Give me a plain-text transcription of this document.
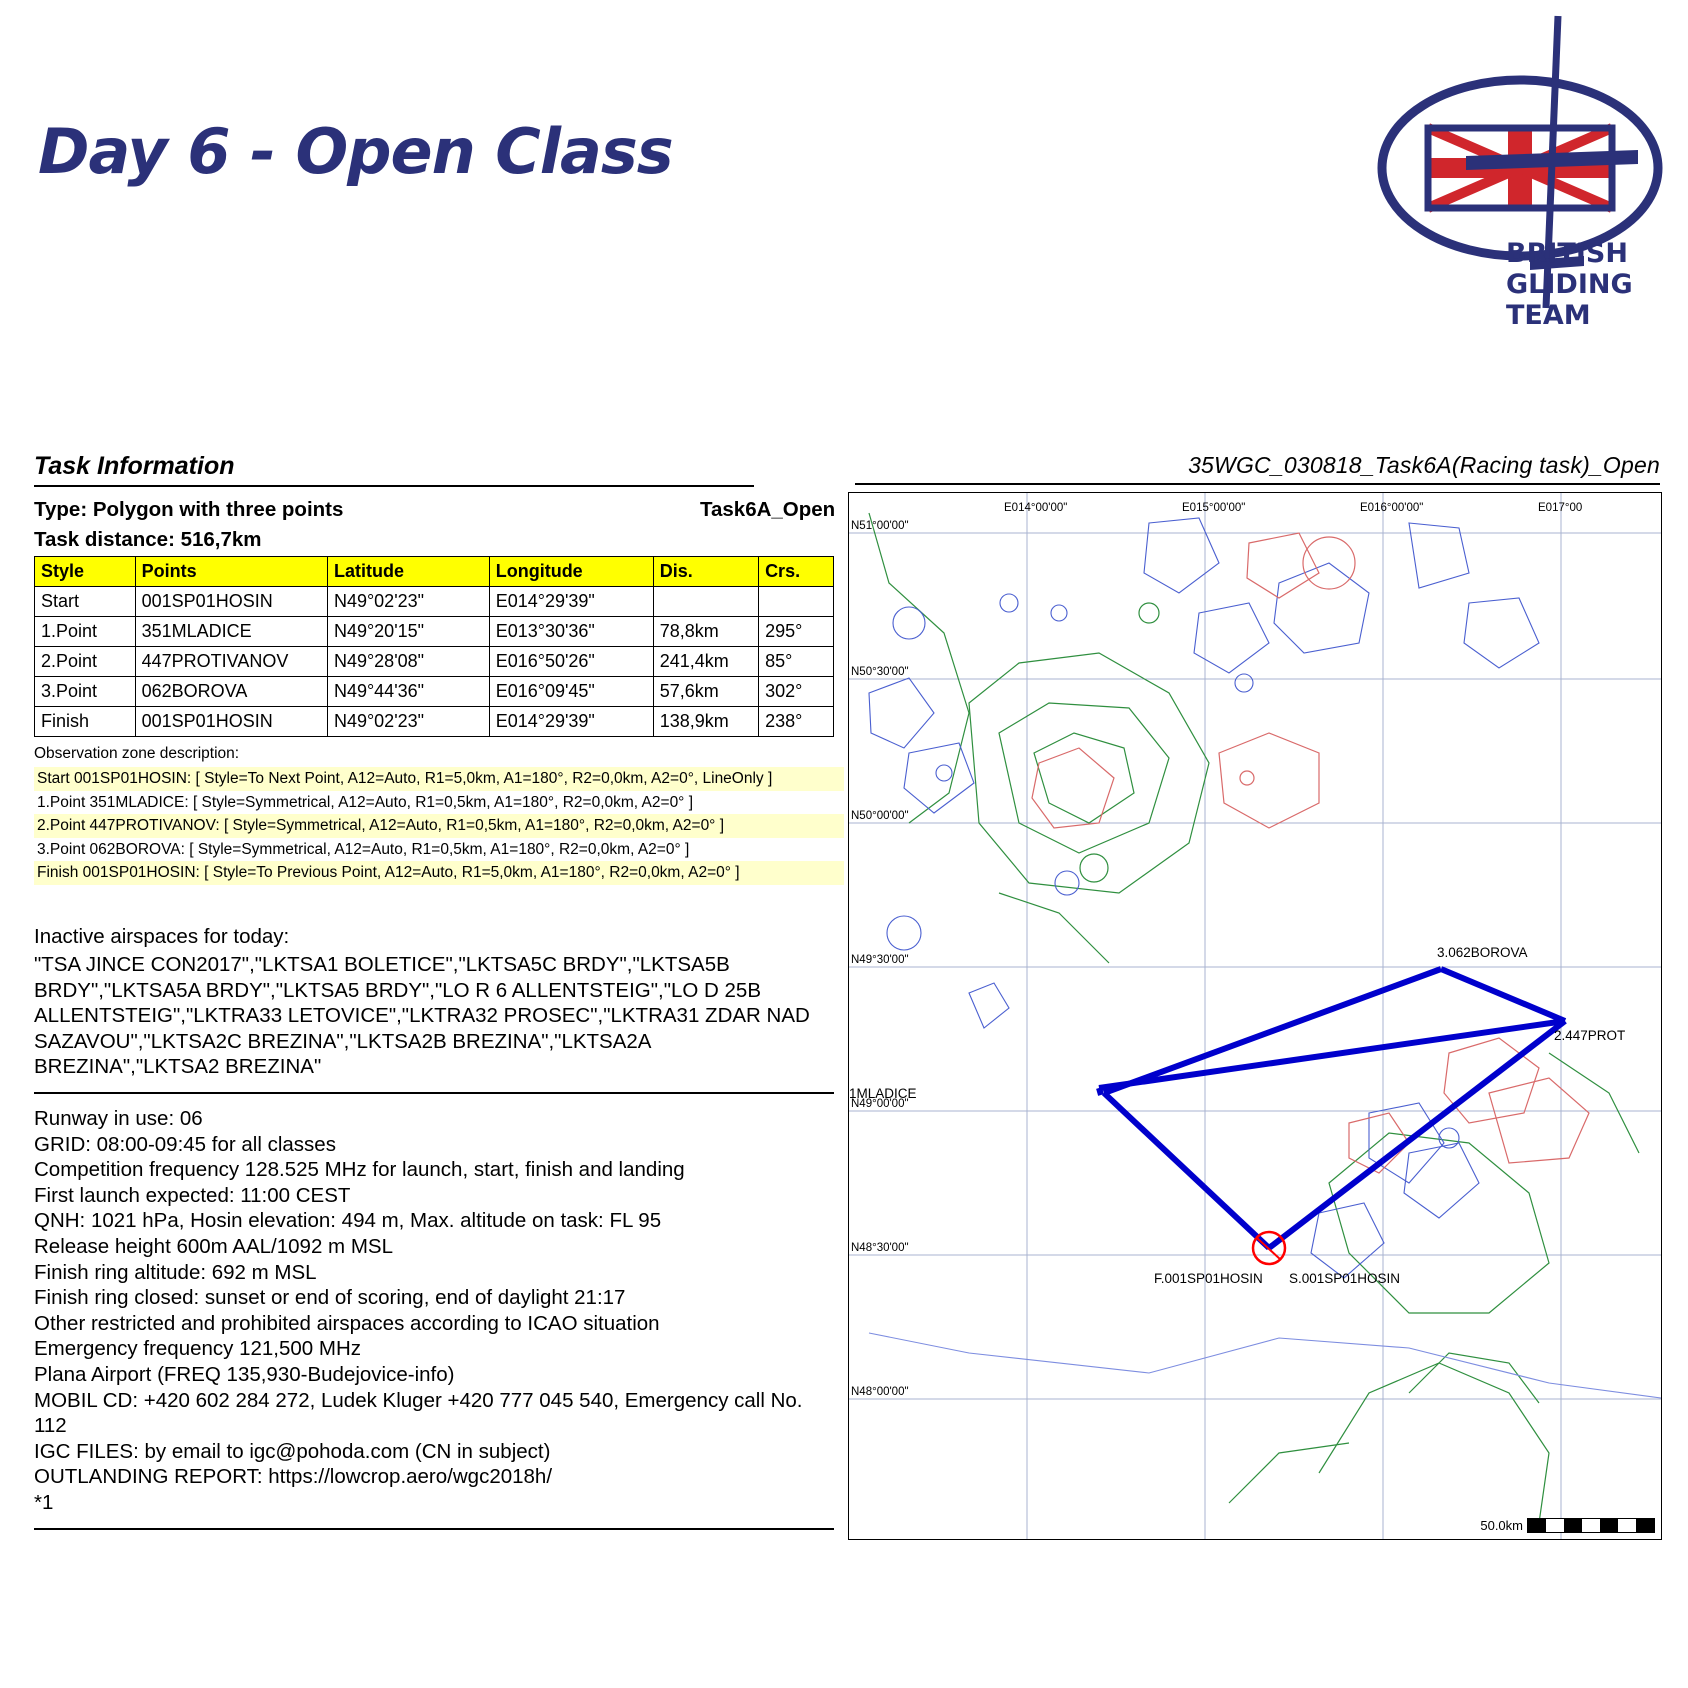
Day 6 - Open Class
BRITISH
GLIDING
TEAM
Task Information	35WGC_030818_Task6A(Racing task)_Open
Type: Polygon with three points	Task6A_Open
Task distance: 516,7km
Style	Points	Latitude	Longitude	Dis.	Crs.
Start	001SP01HOSIN	N49°02'23"	E014°29'39"		
1.Point	351MLADICE	N49°20'15"	E013°30'36"	78,8km	295°
2.Point	447PROTIVANOV	N49°28'08"	E016°50'26"	241,4km	85°
3.Point	062BOROVA	N49°44'36"	E016°09'45"	57,6km	302°
Finish	001SP01HOSIN	N49°02'23"	E014°29'39"	138,9km	238°
Observation zone description:
Start 001SP01HOSIN: [ Style=To Next Point, A12=Auto, R1=5,0km, A1=180°, R2=0,0km, A2=0°, LineOnly ]
1.Point 351MLADICE: [ Style=Symmetrical, A12=Auto, R1=0,5km, A1=180°, R2=0,0km, A2=0° ]
2.Point 447PROTIVANOV: [ Style=Symmetrical, A12=Auto, R1=0,5km, A1=180°, R2=0,0km, A2=0° ]
3.Point 062BOROVA: [ Style=Symmetrical, A12=Auto, R1=0,5km, A1=180°, R2=0,0km, A2=0° ]
Finish 001SP01HOSIN: [ Style=To Previous Point, A12=Auto, R1=5,0km, A1=180°, R2=0,0km, A2=0° ]
Inactive airspaces for today:
"TSA JINCE CON2017","LKTSA1 BOLETICE","LKTSA5C BRDY","LKTSA5B BRDY","LKTSA5A BRDY","LKTSA5 BRDY","LO R 6 ALLENTSTEIG","LO D 25B ALLENTSTEIG","LKTRA33 LETOVICE","LKTRA32 PROSEC","LKTRA31 ZDAR NAD SAZAVOU","LKTSA2C BREZINA","LKTSA2B BREZINA","LKTSA2A BREZINA","LKTSA2 BREZINA"
Runway in use: 06
GRID: 08:00-09:45 for all classes
Competition frequency 128.525 MHz for launch, start, finish and landing
First launch expected: 11:00 CEST
QNH: 1021 hPa, Hosin elevation: 494 m, Max. altitude on task: FL 95
Release height 600m AAL/1092 m MSL
Finish ring altitude: 692 m MSL
Finish ring closed: sunset or end of scoring, end of daylight 21:17
Other restricted and prohibited airspaces according to ICAO situation
Emergency frequency 121,500 MHz
Plana Airport (FREQ 135,930-Budejovice-info)
MOBIL CD: +420 602 284 272, Ludek Kluger +420 777 045 540, Emergency call No. 112
IGC FILES: by email to igc@pohoda.com (CN in subject)
OUTLANDING REPORT: https://lowcrop.aero/wgc2018h/
*1
E014°00'00"	E015°00'00"	E016°00'00"	E017°00
N51°00'00"
N50°30'00"
N50°00'00"
N49°30'00"
N49°00'00"
N48°30'00"
N48°00'00"
3.062BOROVA
2.447PROT
1MLADICE
F.001SP01HOSIN S.001SP01HOSIN
50.0km
